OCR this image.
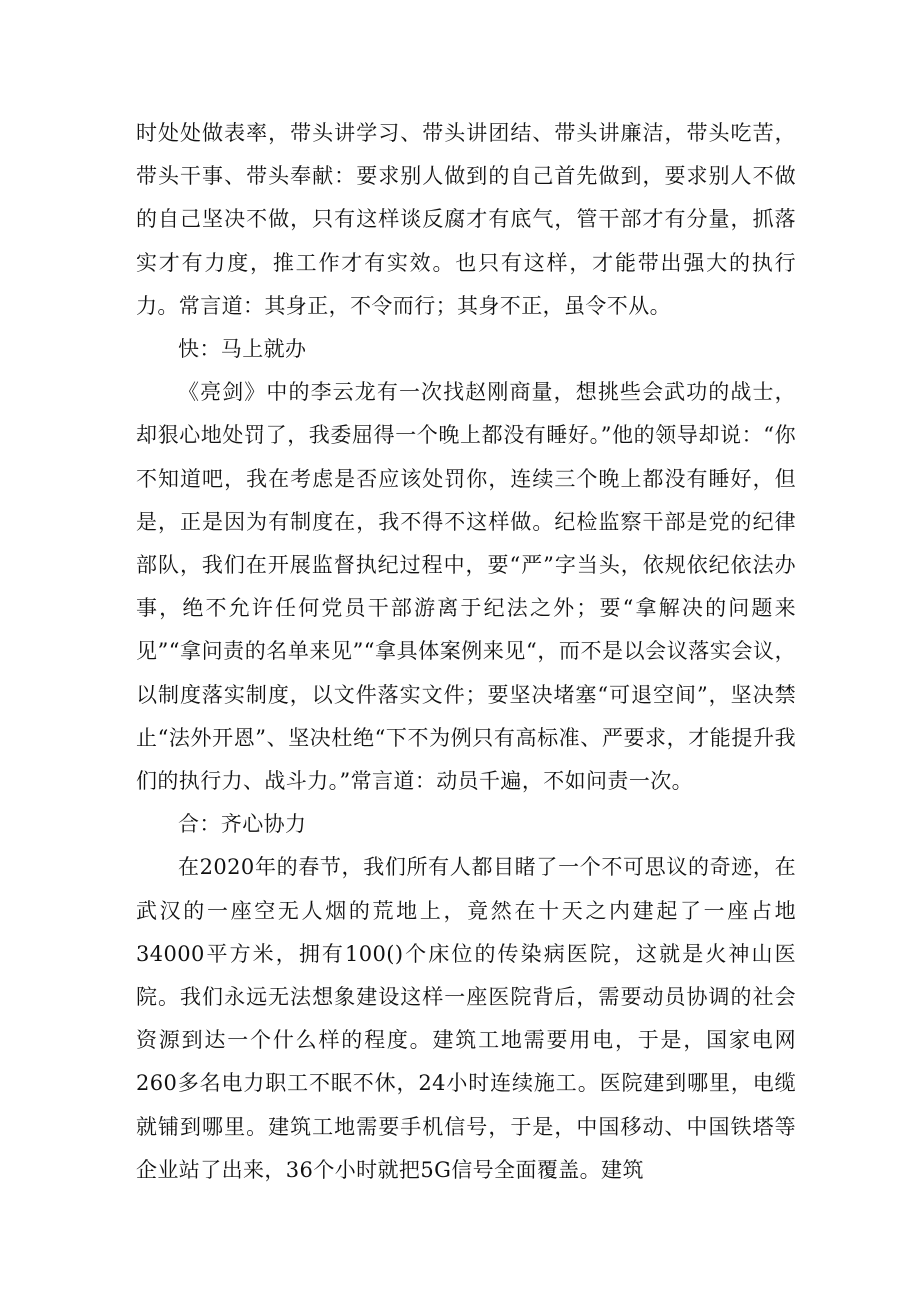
时处处做表率，带头讲学习、带头讲团结、带头讲廉洁，带头吃苦，带头干事、带头奉献：要求别人做到的自己首先做到，要求别人不做的自己坚决不做，只有这样谈反腐才有底气，管干部才有分量，抓落实才有力度，推工作才有实效。也只有这样，才能带出强大的执行力。常言道：其身正，不令而行；其身不正，虽令不从。

快：马上就办

《亮剑》中的李云龙有一次找赵刚商量，想挑些会武功的战士，却狠心地处罚了，我委屈得一个晚上都没有睡好。”他的领导却说：“你不知道吧，我在考虑是否应该处罚你，连续三个晚上都没有睡好，但是，正是因为有制度在，我不得不这样做。纪检监察干部是党的纪律部队，我们在开展监督执纪过程中，要“严”字当头，依规依纪依法办事，绝不允许任何党员干部游离于纪法之外；要“拿解决的问题来见”“拿问责的名单来见”“拿具体案例来见“，而不是以会议落实会议，以制度落实制度，以文件落实文件；要坚决堵塞“可退空间”，坚决禁止“法外开恩”、坚决杜绝“下不为例只有高标准、严要求，才能提升我们的执行力、战斗力。”常言道：动员千遍，不如问责一次。

合：齐心协力

在2020年的春节，我们所有人都目睹了一个不可思议的奇迹，在武汉的一座空无人烟的荒地上，竟然在十天之内建起了一座占地34000平方米，拥有100()个床位的传染病医院，这就是火神山医院。我们永远无法想象建设这样一座医院背后，需要动员协调的社会资源到达一个什么样的程度。建筑工地需要用电，于是，国家电网260多名电力职工不眠不休，24小时连续施工。医院建到哪里，电缆就铺到哪里。建筑工地需要手机信号，于是，中国移动、中国铁塔等企业站了出来，36个小时就把5G信号全面覆盖。建筑
